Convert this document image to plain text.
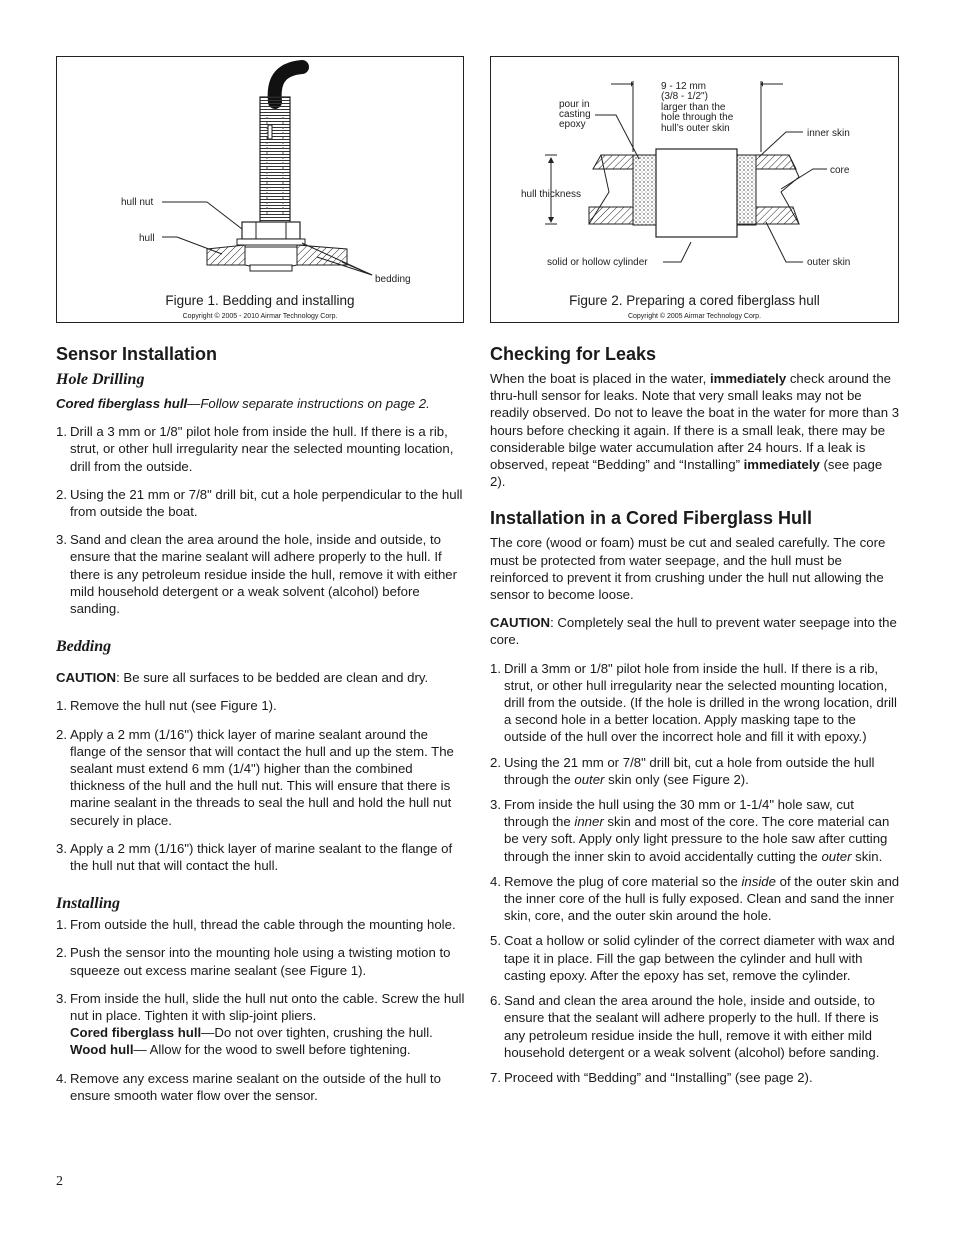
hull nut
hull
bedding
Figure 1. Bedding and installing
Copyright © 2005 - 2010 Airmar Technology Corp.
pour in
casting
epoxy
9 - 12 mm
(3/8 - 1/2")
larger than the
hole through the
hull’s outer skin	inner skin
core
hull thickness
solid or hollow cylinder	outer skin
Figure 2. Preparing a cored fiberglass hull
Copyright © 2005 Airmar Technology Corp.
Sensor Installation
Hole Drilling

Cored fiberglass hull—Follow separate instructions on page 2.

1. Drill a 3 mm or 1/8" pilot hole from inside the hull. If there is a rib, strut, or other hull irregularity near the selected mounting location, drill from the outside.
2. Using the 21 mm or 7/8" drill bit, cut a hole perpendicular to the hull from outside the boat.
3. Sand and clean the area around the hole, inside and outside, to ensure that the marine sealant will adhere properly to the hull. If there is any petroleum residue inside the hull, remove it with either mild household detergent or a weak solvent (alcohol) before sanding.
Bedding

CAUTION: Be sure all surfaces to be bedded are clean and dry.

1. Remove the hull nut (see Figure 1).
2. Apply a 2 mm (1/16") thick layer of marine sealant around the flange of the sensor that will contact the hull and up the stem. The sealant must extend 6 mm (1/4") higher than the combined thickness of the hull and the hull nut. This will ensure that there is marine sealant in the threads to seal the hull and hold the hull nut securely in place.
3. Apply a 2 mm (1/16") thick layer of marine sealant to the flange of the hull nut that will contact the hull.
Installing
1. From outside the hull, thread the cable through the mounting hole.
2. Push the sensor into the mounting hole using a twisting motion to squeeze out excess marine sealant (see Figure 1).
3. From inside the hull, slide the hull nut onto the cable. Screw the hull nut in place. Tighten it with slip-joint pliers.
Cored fiberglass hull—Do not over tighten, crushing the hull.
Wood hull— Allow for the wood to swell before tightening.
4. Remove any excess marine sealant on the outside of the hull to ensure smooth water flow over the sensor.
Checking for Leaks

When the boat is placed in the water, immediately check around the thru-hull sensor for leaks. Note that very small leaks may not be readily observed. Do not to leave the boat in the water for more than 3 hours before checking it again. If there is a small leak, there may be considerable bilge water accumulation after 24 hours. If a leak is observed, repeat “Bedding” and “Installing” immediately (see page 2).

Installation in a Cored Fiberglass Hull

The core (wood or foam) must be cut and sealed carefully. The core must be protected from water seepage, and the hull must be reinforced to prevent it from crushing under the hull nut allowing the sensor to become loose.

CAUTION: Completely seal the hull to prevent water seepage into the core.

1. Drill a 3mm or 1/8" pilot hole from inside the hull. If there is a rib, strut, or other hull irregularity near the selected mounting location, drill from the outside. (If the hole is drilled in the wrong location, drill a second hole in a better location. Apply masking tape to the outside of the hull over the incorrect hole and fill it with epoxy.)
2. Using the 21 mm or 7/8" drill bit, cut a hole from outside the hull through the outer skin only (see Figure 2).
3. From inside the hull using the 30 mm or 1-1/4" hole saw, cut through the inner skin and most of the core. The core material can be very soft. Apply only light pressure to the hole saw after cutting through the inner skin to avoid accidentally cutting the outer skin.
4. Remove the plug of core material so the inside of the outer skin and the inner core of the hull is fully exposed. Clean and sand the inner skin, core, and the outer skin around the hole.
5. Coat a hollow or solid cylinder of the correct diameter with wax and tape it in place. Fill the gap between the cylinder and hull with casting epoxy. After the epoxy has set, remove the cylinder.
6. Sand and clean the area around the hole, inside and outside, to ensure that the sealant will adhere properly to the hull. If there is any petroleum residue inside the hull, remove it with either mild household detergent or a weak solvent (alcohol) before sanding.
7. Proceed with “Bedding” and “Installing” (see page 2).
2
